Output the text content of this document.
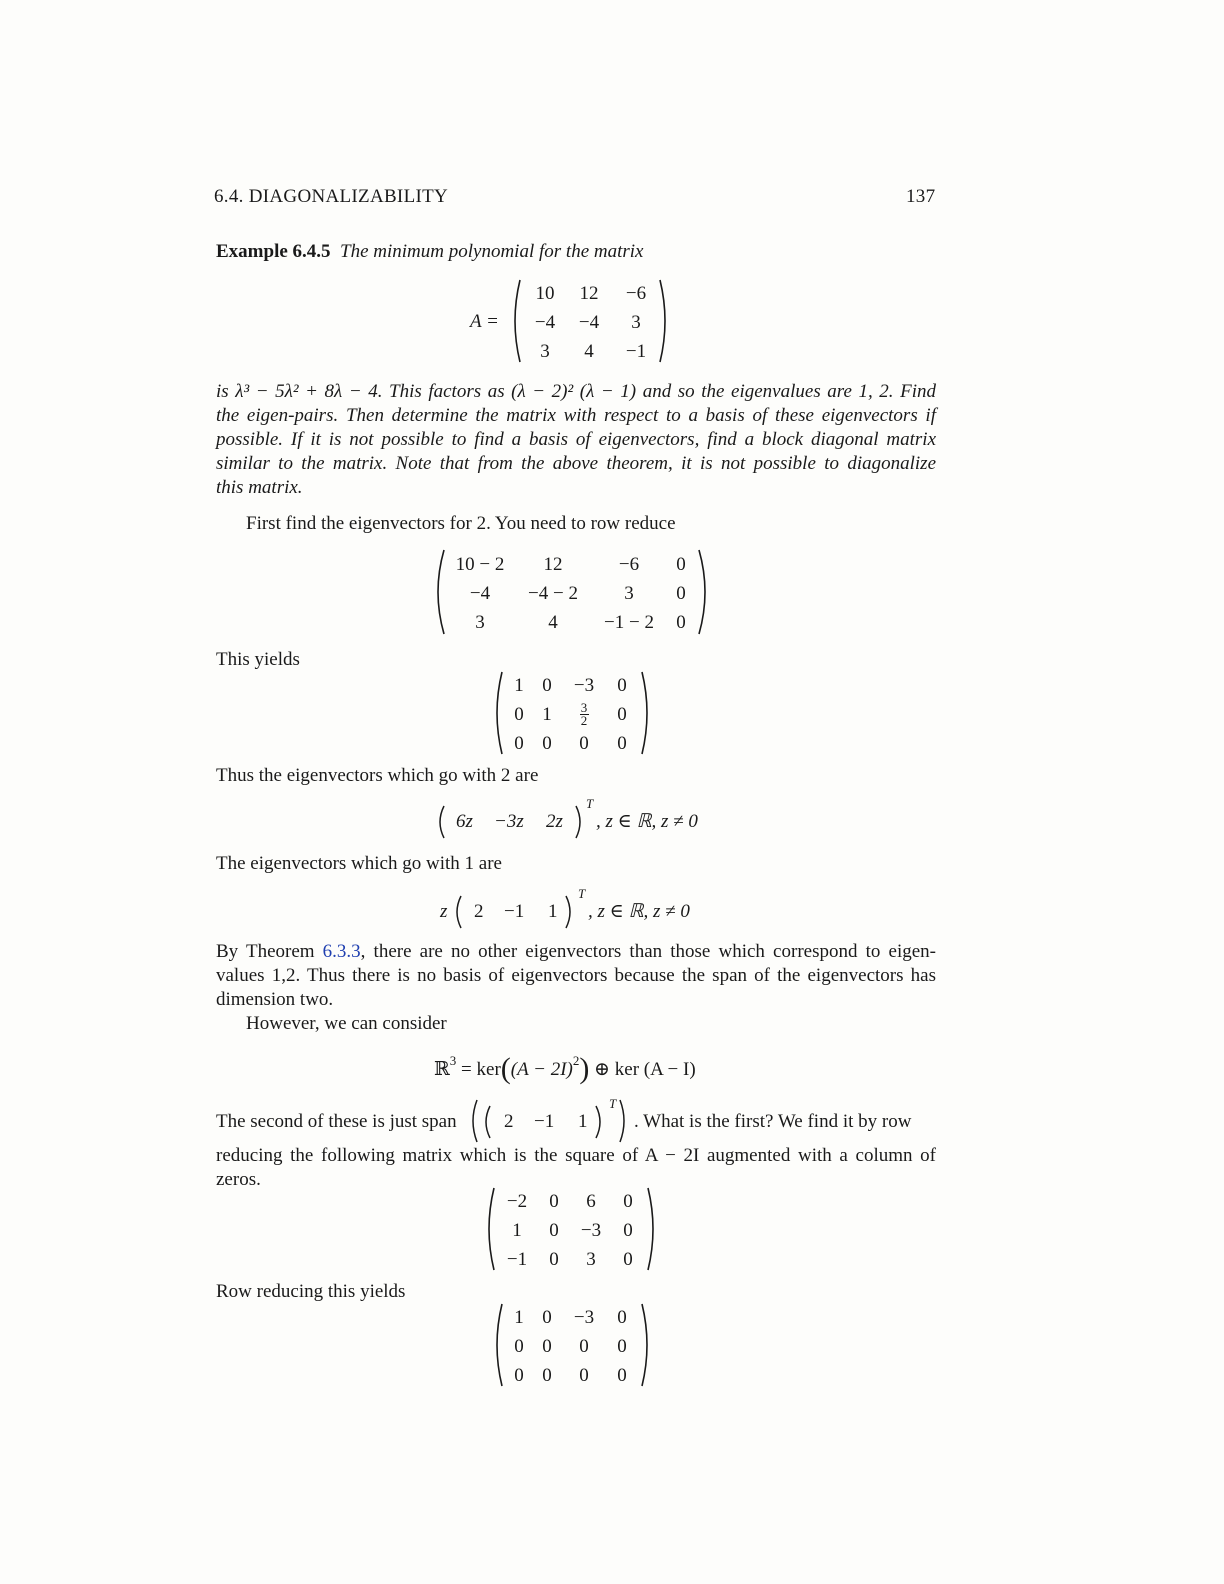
6.4. DIAGONALIZABILITY	137
Example 6.4.5 The minimum polynomial for the matrix
A =
10	12	−6
−4	−4	3
3	4	−1
is λ³ − 5λ² + 8λ − 4. This factors as (λ − 2)² (λ − 1) and so the eigenvalues are 1, 2. Find
the eigen-pairs. Then determine the matrix with respect to a basis of these eigenvectors if
possible. If it is not possible to find a basis of eigenvectors, find a block diagonal matrix
similar to the matrix. Note that from the above theorem, it is not possible to diagonalize
this matrix.
First find the eigenvectors for 2. You need to row reduce
10 − 2	12	−6	0
−4	−4 − 2	3	0
3	4	−1 − 2	0
This yields
1	0	−3	0
0	1	$\frac{3}{2}$	0
0	0	0	0
Thus the eigenvectors which go with 2 are
6z −3z 2z
T
, z ∈ ℝ, z ≠ 0
The eigenvectors which go with 1 are
z 2 −1 1
T
, z ∈ ℝ, z ≠ 0
By Theorem 6.3.3, there are no other eigenvectors than those which correspond to eigen-
values 1,2. Thus there is no basis of eigenvectors because the span of the eigenvectors has
dimension two.
However, we can consider
ℝ$^3$ = $ker((A - 2I)^2)$ ⊕ ker (A − I)
The second of these is just span 2 −1 1
T
. What is the first? We find it by row
reducing the following matrix which is the square of A − 2I augmented with a column of
zeros.
−2	0	6	0
1	0	−3	0
−1	0	3	0
Row reducing this yields
1	0	−3	0
0	0	0	0
0	0	0	0
